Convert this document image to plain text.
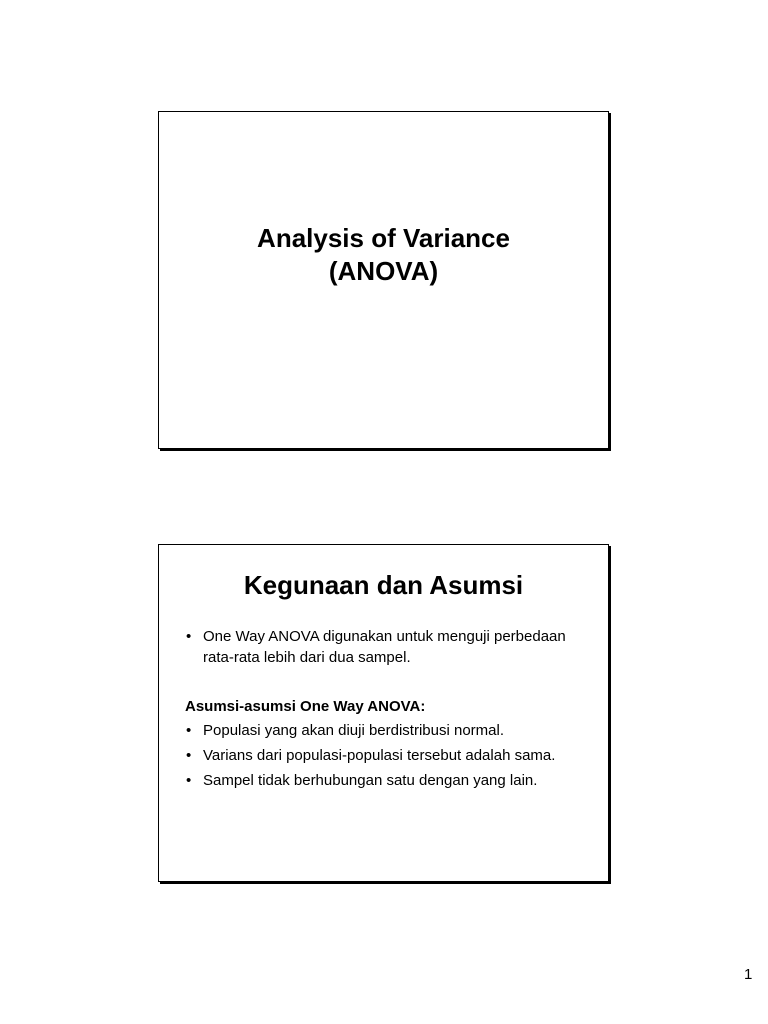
Analysis of Variance
(ANOVA)
Kegunaan dan Asumsi
• One Way ANOVA digunakan untuk menguji perbedaan rata-rata lebih dari dua sampel.
Asumsi-asumsi One Way ANOVA:
• Populasi yang akan diuji berdistribusi normal.
• Varians dari populasi-populasi tersebut adalah sama.
• Sampel tidak berhubungan satu dengan yang lain.
1
